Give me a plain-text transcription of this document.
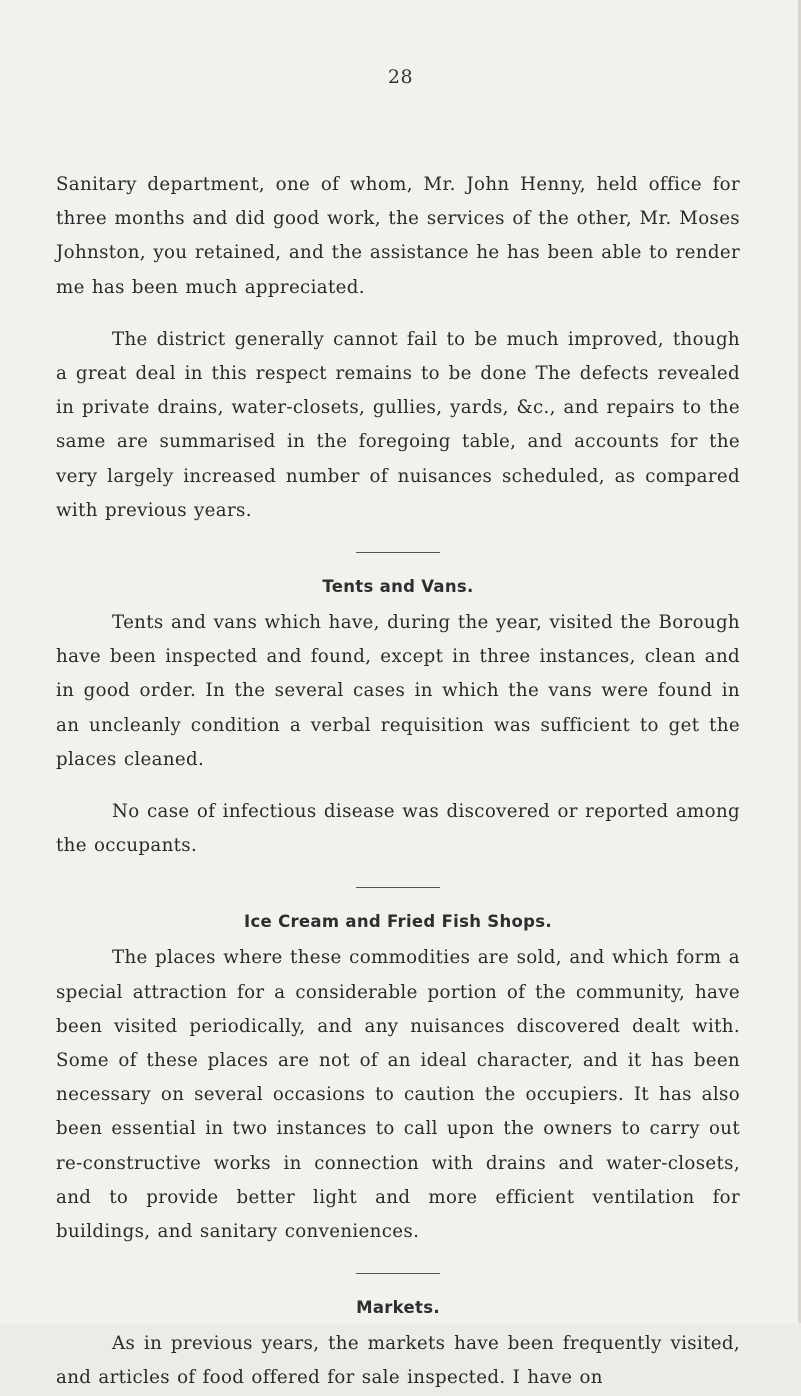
28

Sanitary department, one of whom, Mr. John Henny, held office for three months and did good work, the services of the other, Mr. Moses Johnston, you retained, and the assistance he has been able to render me has been much appreciated.

The district generally cannot fail to be much improved, though a great deal in this respect remains to be done The defects revealed in private drains, water-closets, gullies, yards, &c., and repairs to the same are summarised in the foregoing table, and accounts for the very largely increased number of nuisances scheduled, as compared with previous years.

Tents and Vans.

Tents and vans which have, during the year, visited the Borough have been inspected and found, except in three instances, clean and in good order. In the several cases in which the vans were found in an uncleanly condition a verbal requisition was sufficient to get the places cleaned.

No case of infectious disease was discovered or reported among the occupants.

Ice Cream and Fried Fish Shops.

The places where these commodities are sold, and which form a special attraction for a considerable portion of the community, have been visited periodically, and any nuisances discovered dealt with. Some of these places are not of an ideal character, and it has been necessary on several occasions to caution the occupiers. It has also been essential in two instances to call upon the owners to carry out re-constructive works in connection with drains and water-closets, and to provide better light and more efficient ventilation for buildings, and sanitary conveniences.

Markets.

As in previous years, the markets have been frequently visited, and articles of food offered for sale inspected. I have on
